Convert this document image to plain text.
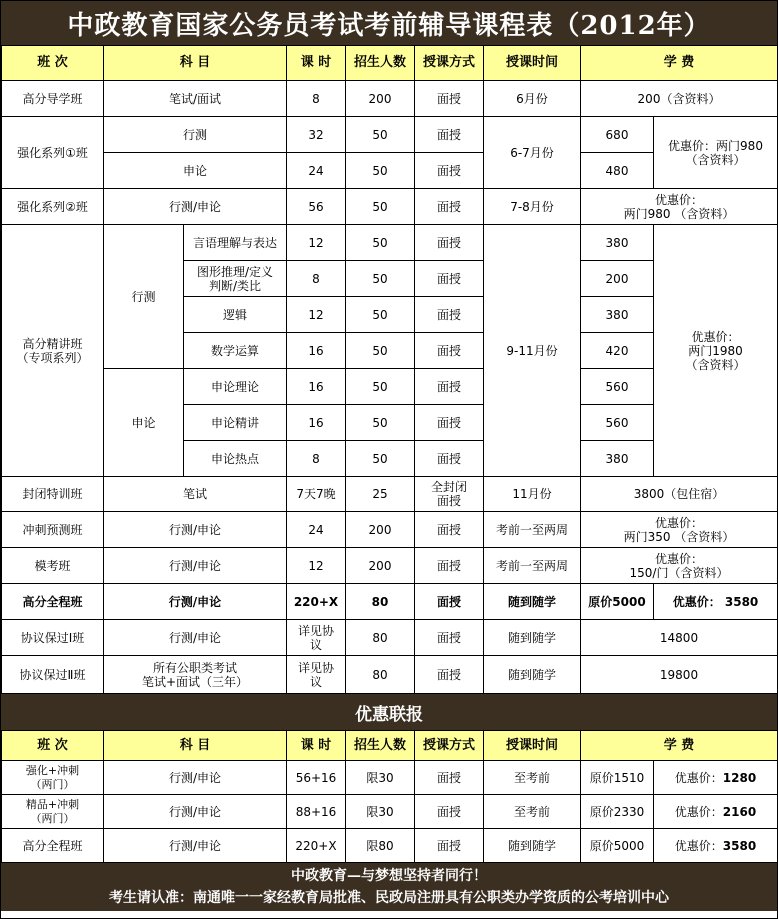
中政教育国家公务员考试考前辅导课程表（2012年）
班 次	科 目		课 时	招生人数	授课方式	授课时间	学 费	
高分导学班	笔试/面试		8	200	面授	6月份	200（含资料）	
强化系列①班	行测		32	50	面授	6-7月份	680	优惠价：两门980
（含资料）
	申论		24	50	面授		480	
强化系列②班	行测/申论		56	50	面授	7-8月份	优惠价：
两门980 （含资料）	
高分精讲班
（专项系列）	行测	言语理解与表达	12	50	面授	9-11月份	380	优惠价：
两门1980
（含资料）
		图形推理/定义
判断/类比	8	50	面授		200	
		逻辑	12	50	面授		380	
		数学运算	16	50	面授		420	
	申论	申论理论	16	50	面授		560	
		申论精讲	16	50	面授		560	
		申论热点	8	50	面授		380	
封闭特训班	笔试		7天7晚	25	全封闭
面授	11月份	3800（包住宿）	
冲刺预测班	行测/申论		24	200	面授	考前一至两周	优惠价：
两门350 （含资料）	
模考班	行测/申论		12	200	面授	考前一至两周	优惠价：
150/门（含资料）	
高分全程班	行测/申论		220+X	80	面授	随到随学	原价5000	优惠价： 3580
协议保过Ⅰ班	行测/申论		详见协
议	80	面授	随到随学	14800	
协议保过Ⅱ班	所有公职类考试
笔试+面试（三年）		详见协
议	80	面授	随到随学	19800	
优惠联报
班 次	科 目	课 时	招生人数	授课方式	授课时间	学 费	
强化+冲刺
（两门）	行测/申论	56+16	限30	面授	至考前	原价1510	优惠价：1280
精品+冲刺
（两门）	行测/申论	88+16	限30	面授	至考前	原价2330	优惠价：2160
高分全程班	行测/申论	220+X	限80	面授	随到随学	原价5000	优惠价：3580
中政教育—与梦想坚持者同行！
考生请认准：南通唯一一家经教育局批准、民政局注册具有公职类办学资质的公考培训中心
